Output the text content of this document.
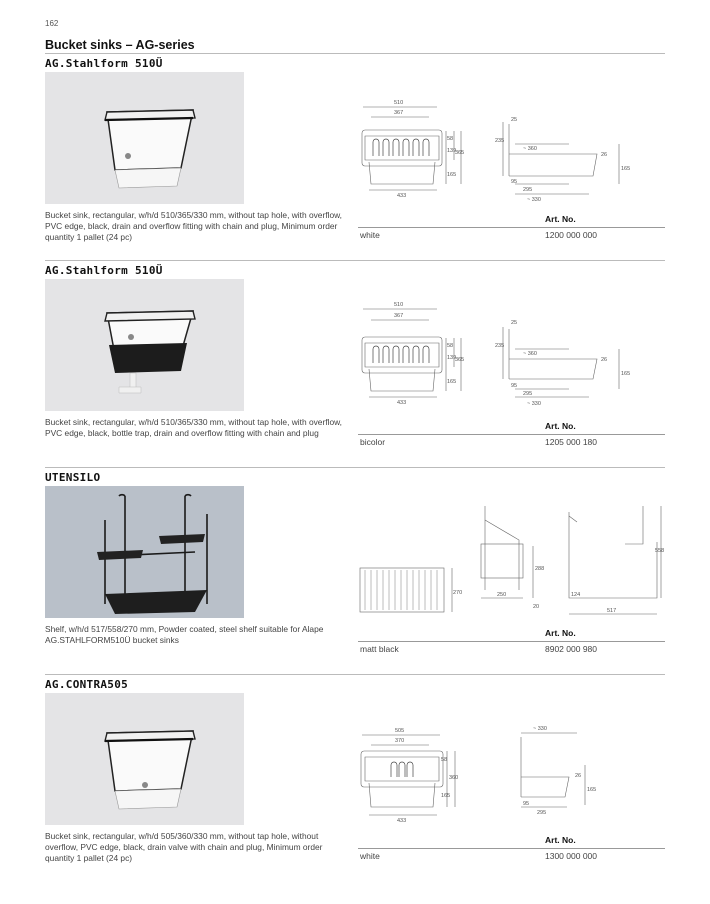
162
Bucket sinks – AG-series
AG.Stahlform 510Ü
Bucket sink, rectangular, w/h/d 510/365/330 mm, without tap hole, with overflow, PVC edge, black, drain and overflow fitting with chain and plug, Minimum order quantity 1 pallet (24 pc)
510
367
58
139
365
165
433
25
235
~ 360
26
165
95
295
~ 330
Art. No.
white	1200 000 000
AG.Stahlform 510Ü
Bucket sink, rectangular, w/h/d 510/365/330 mm, without tap hole, with overflow, PVC edge, black, bottle trap, drain and overflow fitting with chain and plug
510
367
58
139
365
165
433
25
235
~ 360
26
165
95
295
~ 330
Art. No.
bicolor	1205 000 180
UTENSILO
Shelf, w/h/d 517/558/270 mm, Powder coated, steel shelf suitable for Alape AG.STAHLFORM510Ü bucket sinks
270
288
250
20
124
517
558
Art. No.
matt black	8902 000 980
AG.CONTRA505
Bucket sink, rectangular, w/h/d 505/360/330 mm, without tap hole, without overflow, PVC edge, black, drain valve with chain and plug, Minimum order quantity 1 pallet (24 pc)
505
370
58
360
165
433
~ 330
26
165
95
295
Art. No.
white	1300 000 000
